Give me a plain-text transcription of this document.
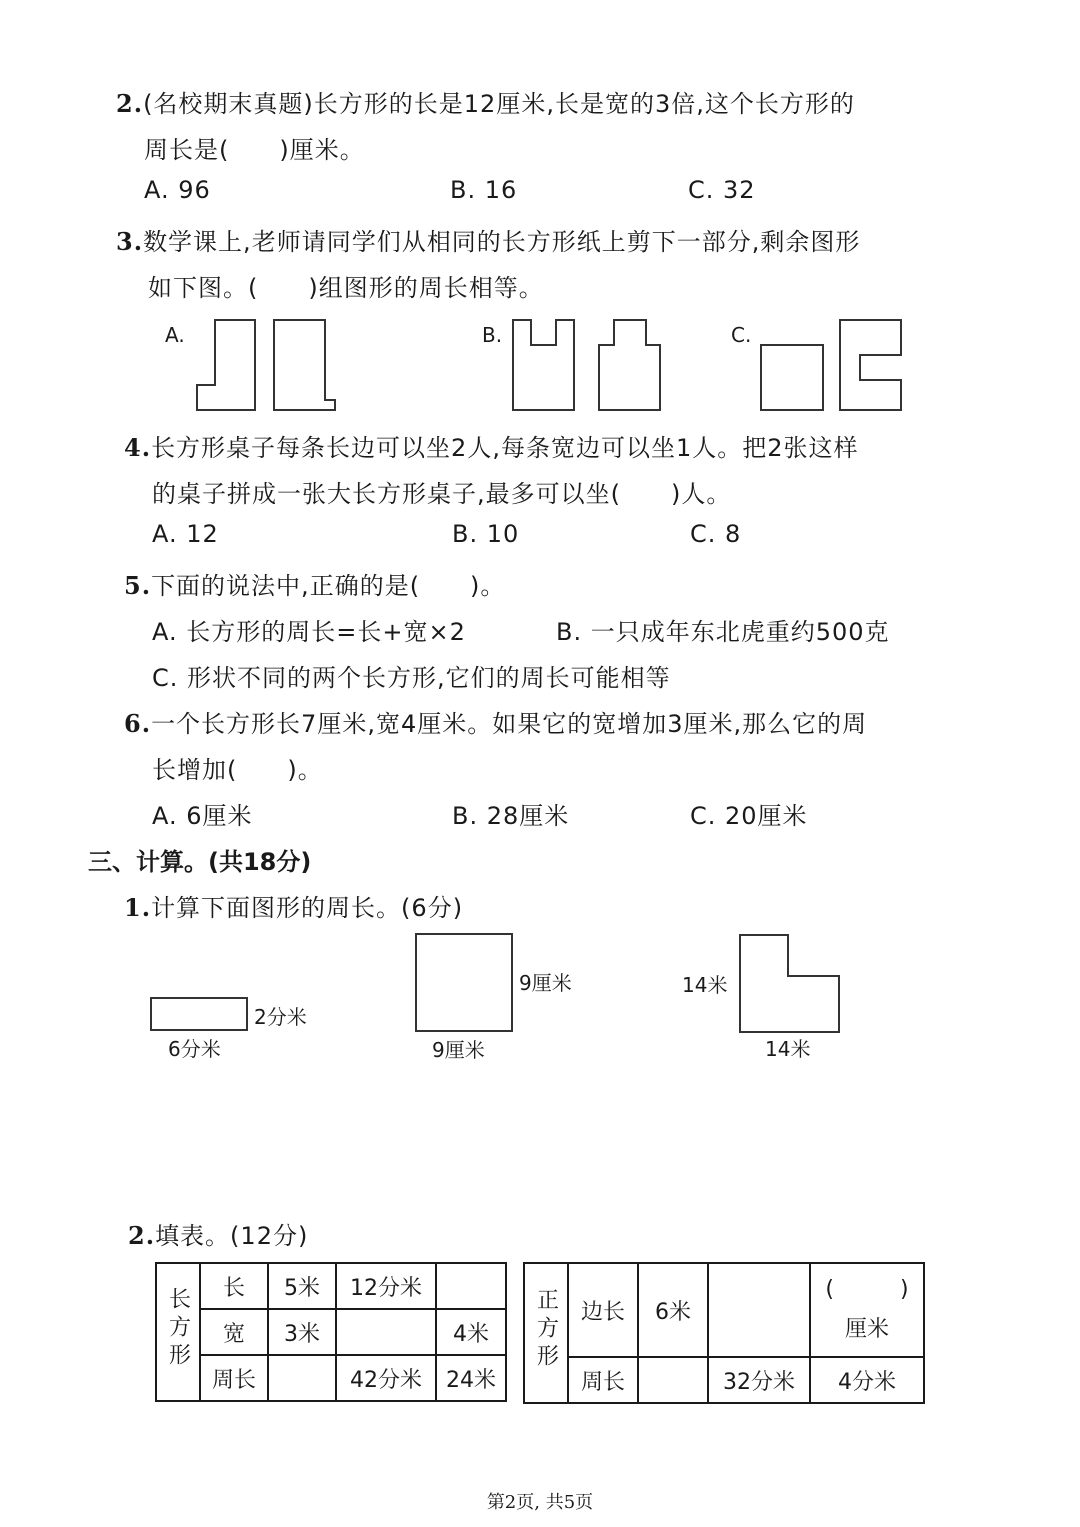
2.(名校期末真题)长方形的长是12厘米,长是宽的3倍,这个长方形的
周长是(　　)厘米。
A. 96	B. 16	C. 32
3.数学课上,老师请同学们从相同的长方形纸上剪下一部分,剩余图形
如下图。(　　)组图形的周长相等。
A.	B.	C.
4.长方形桌子每条长边可以坐2人,每条宽边可以坐1人。把2张这样
的桌子拼成一张大长方形桌子,最多可以坐(　　)人。
A. 12	B. 10	C. 8
5.下面的说法中,正确的是(　　)。
A. 长方形的周长=长+宽×2	B. 一只成年东北虎重约500克
C. 形状不同的两个长方形,它们的周长可能相等
6.一个长方形长7厘米,宽4厘米。如果它的宽增加3厘米,那么它的周
长增加(　　)。
A. 6厘米	B. 28厘米	C. 20厘米
三、计算。(共18分)
1.计算下面图形的周长。(6分)
2分米
6分米
9厘米
9厘米
14米
14米
2.填表。(12分)
长方形	长	5米	12分米	
	宽	3米		4米
	周长		42分米	24米
正方形	边长	6米		(　　　)
厘米

	周长		32分米	4分米
第2页, 共5页
